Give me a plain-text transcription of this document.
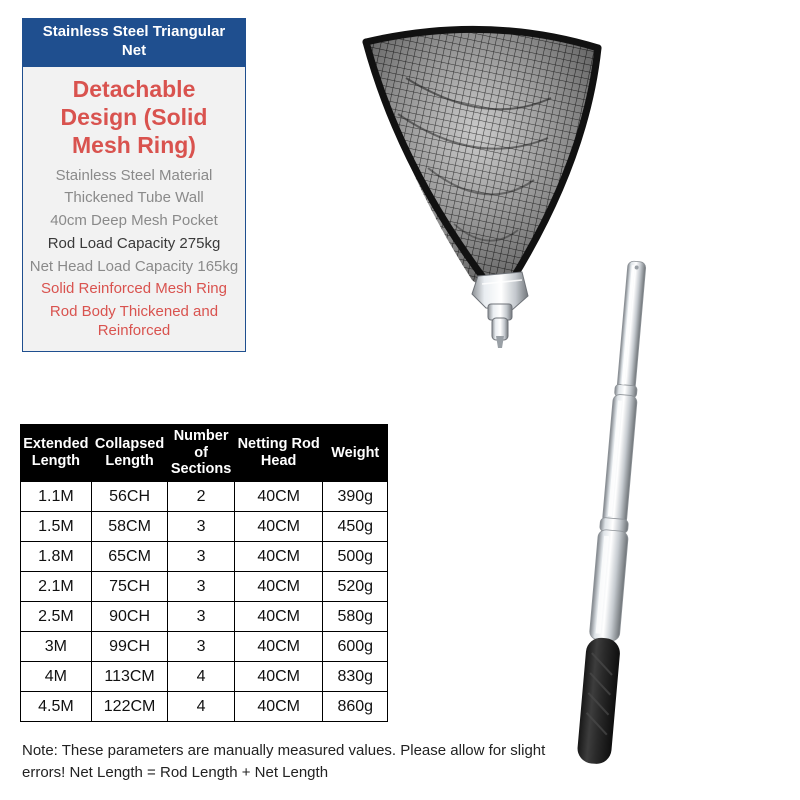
Stainless Steel Triangular Net
Detachable Design (Solid Mesh Ring)
Stainless Steel Material
Thickened Tube Wall
40cm Deep Mesh Pocket
Rod Load Capacity 275kg
Net Head Load Capacity 165kg
Solid Reinforced Mesh Ring
Rod Body Thickened and Reinforced
Extended Length	Collapsed Length	Number of Sections	Netting Rod Head	Weight
1.1M	56CH	2	40CM	390g
1.5M	58CM	3	40CM	450g
1.8M	65CM	3	40CM	500g
2.1M	75CH	3	40CM	520g
2.5M	90CH	3	40CM	580g
3M	99CH	3	40CM	600g
4M	113CM	4	40CM	830g
4.5M	122CM	4	40CM	860g
Note: These parameters are manually measured values. Please allow for slight errors! Net Length = Rod Length + Net Length
